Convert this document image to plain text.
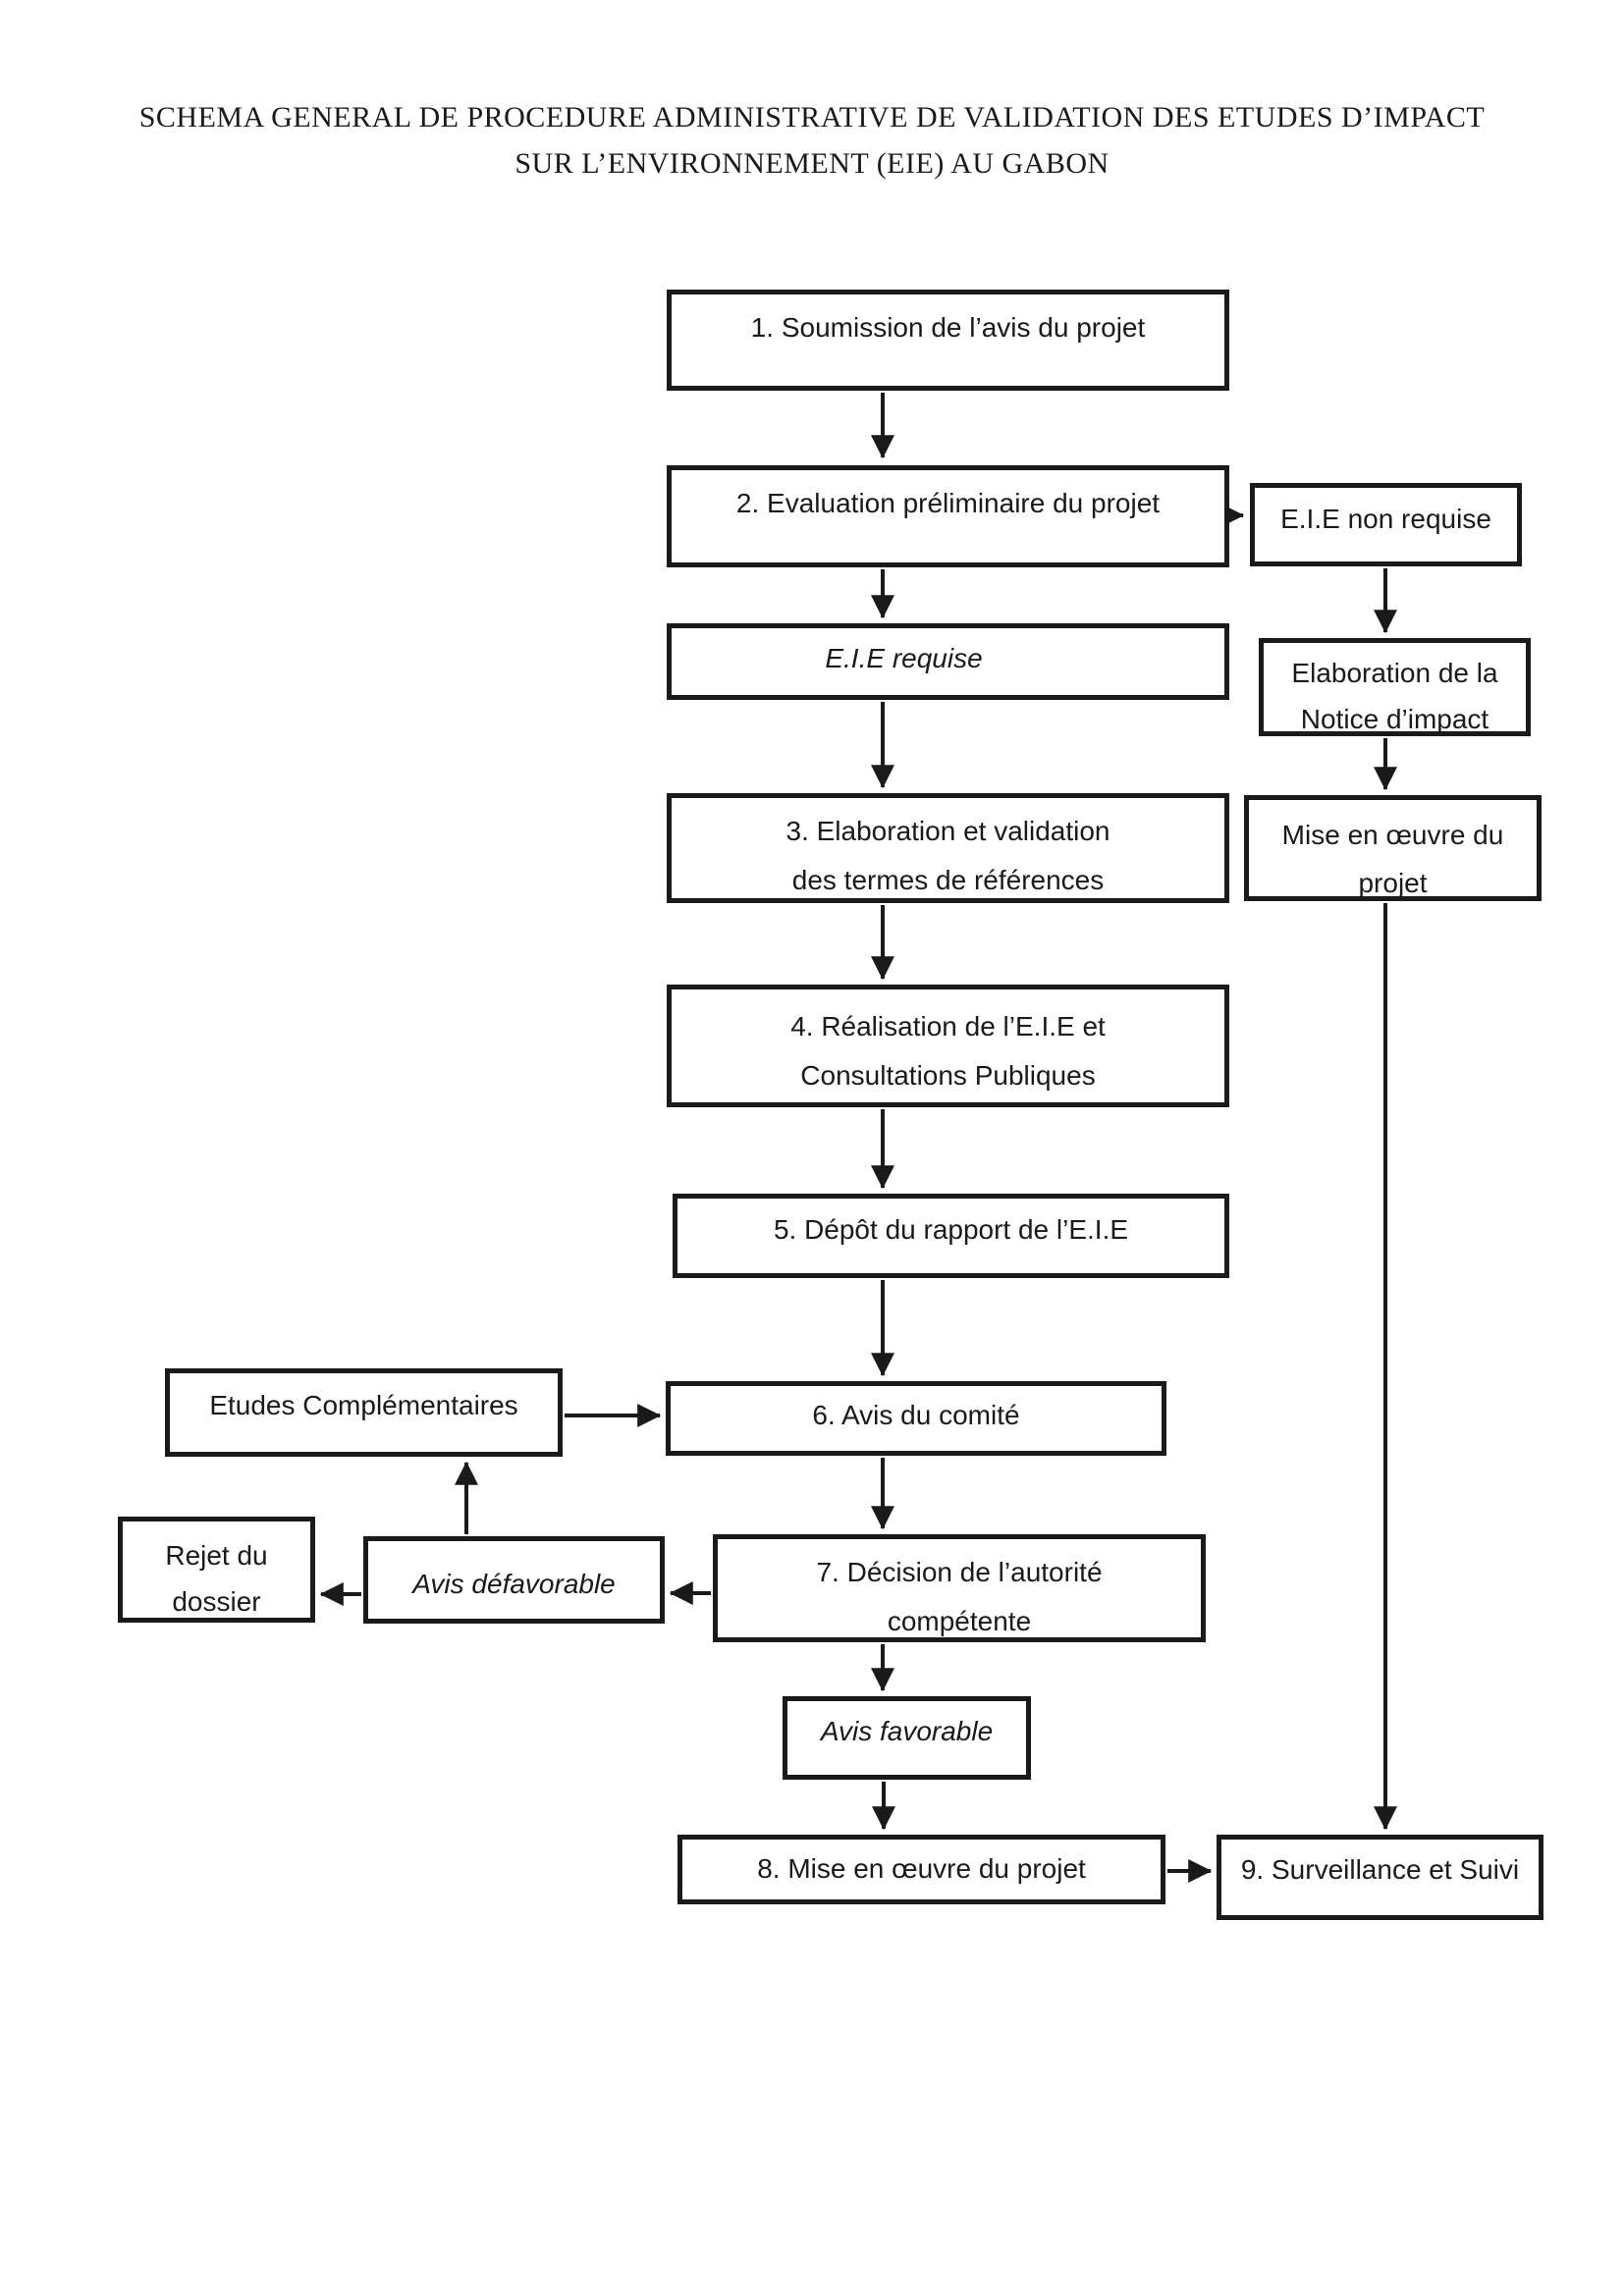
SCHEMA GENERAL DE PROCEDURE ADMINISTRATIVE DE VALIDATION DES ETUDES D’IMPACT
SUR L’ENVIRONNEMENT (EIE) AU GABON
1. Soumission de l’avis du projet
2. Evaluation préliminaire du projet
E.I.E non requise
E.I.E requise	Elaboration de la
Notice d’impact
Mise en œuvre du
projet
3. Elaboration et validation
des termes de références
4. Réalisation de l’E.I.E et
Consultations Publiques
5. Dépôt du rapport de l’E.I.E
Etudes Complémentaires	6. Avis du comité
Rejet du
dossier
Avis défavorable	7. Décision de l’autorité
compétente
Avis favorable
8. Mise en œuvre du projet	9. Surveillance et Suivi
